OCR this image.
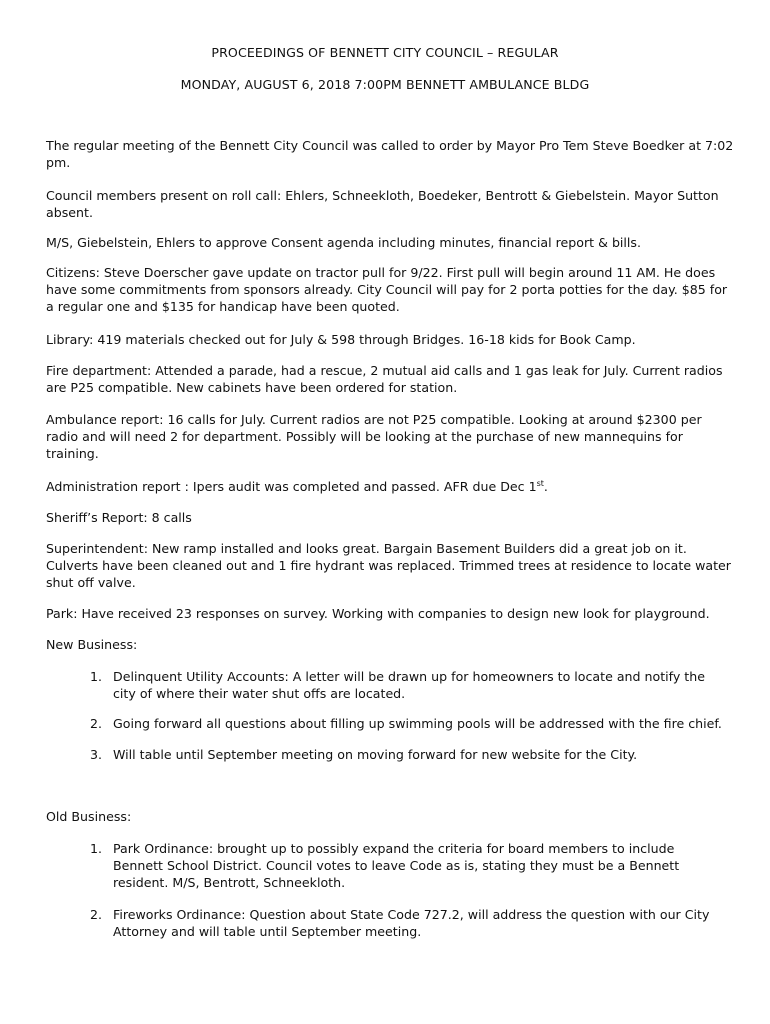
PROCEEDINGS OF BENNETT CITY COUNCIL – REGULAR
MONDAY, AUGUST 6, 2018 7:00PM BENNETT AMBULANCE BLDG

The regular meeting of the Bennett City Council was called to order by Mayor Pro Tem Steve Boedker at 7:02 pm.

Council members present on roll call: Ehlers, Schneekloth, Boedeker, Bentrott & Giebelstein. Mayor Sutton absent.

M/S, Giebelstein, Ehlers to approve Consent agenda including minutes, financial report & bills.

Citizens: Steve Doerscher gave update on tractor pull for 9/22. First pull will begin around 11 AM. He does have some commitments from sponsors already. City Council will pay for 2 porta potties for the day. $85 for a regular one and $135 for handicap have been quoted.

Library: 419 materials checked out for July & 598 through Bridges. 16-18 kids for Book Camp.

Fire department: Attended a parade, had a rescue, 2 mutual aid calls and 1 gas leak for July. Current radios are P25 compatible. New cabinets have been ordered for station.

Ambulance report: 16 calls for July. Current radios are not P25 compatible. Looking at around $2300 per radio and will need 2 for department. Possibly will be looking at the purchase of new mannequins for training.

Administration report : Ipers audit was completed and passed. AFR due Dec 1st.

Sheriff’s Report: 8 calls

Superintendent: New ramp installed and looks great. Bargain Basement Builders did a great job on it. Culverts have been cleaned out and 1 fire hydrant was replaced. Trimmed trees at residence to locate water shut off valve.

Park: Have received 23 responses on survey. Working with companies to design new look for playground.

New Business:

1. Delinquent Utility Accounts: A letter will be drawn up for homeowners to locate and notify the city of where their water shut offs are located.
2. Going forward all questions about filling up swimming pools will be addressed with the fire chief.
3. Will table until September meeting on moving forward for new website for the City.

Old Business:

1. Park Ordinance: brought up to possibly expand the criteria for board members to include Bennett School District. Council votes to leave Code as is, stating they must be a Bennett resident. M/S, Bentrott, Schneekloth.
2. Fireworks Ordinance: Question about State Code 727.2, will address the question with our City Attorney and will table until September meeting.
